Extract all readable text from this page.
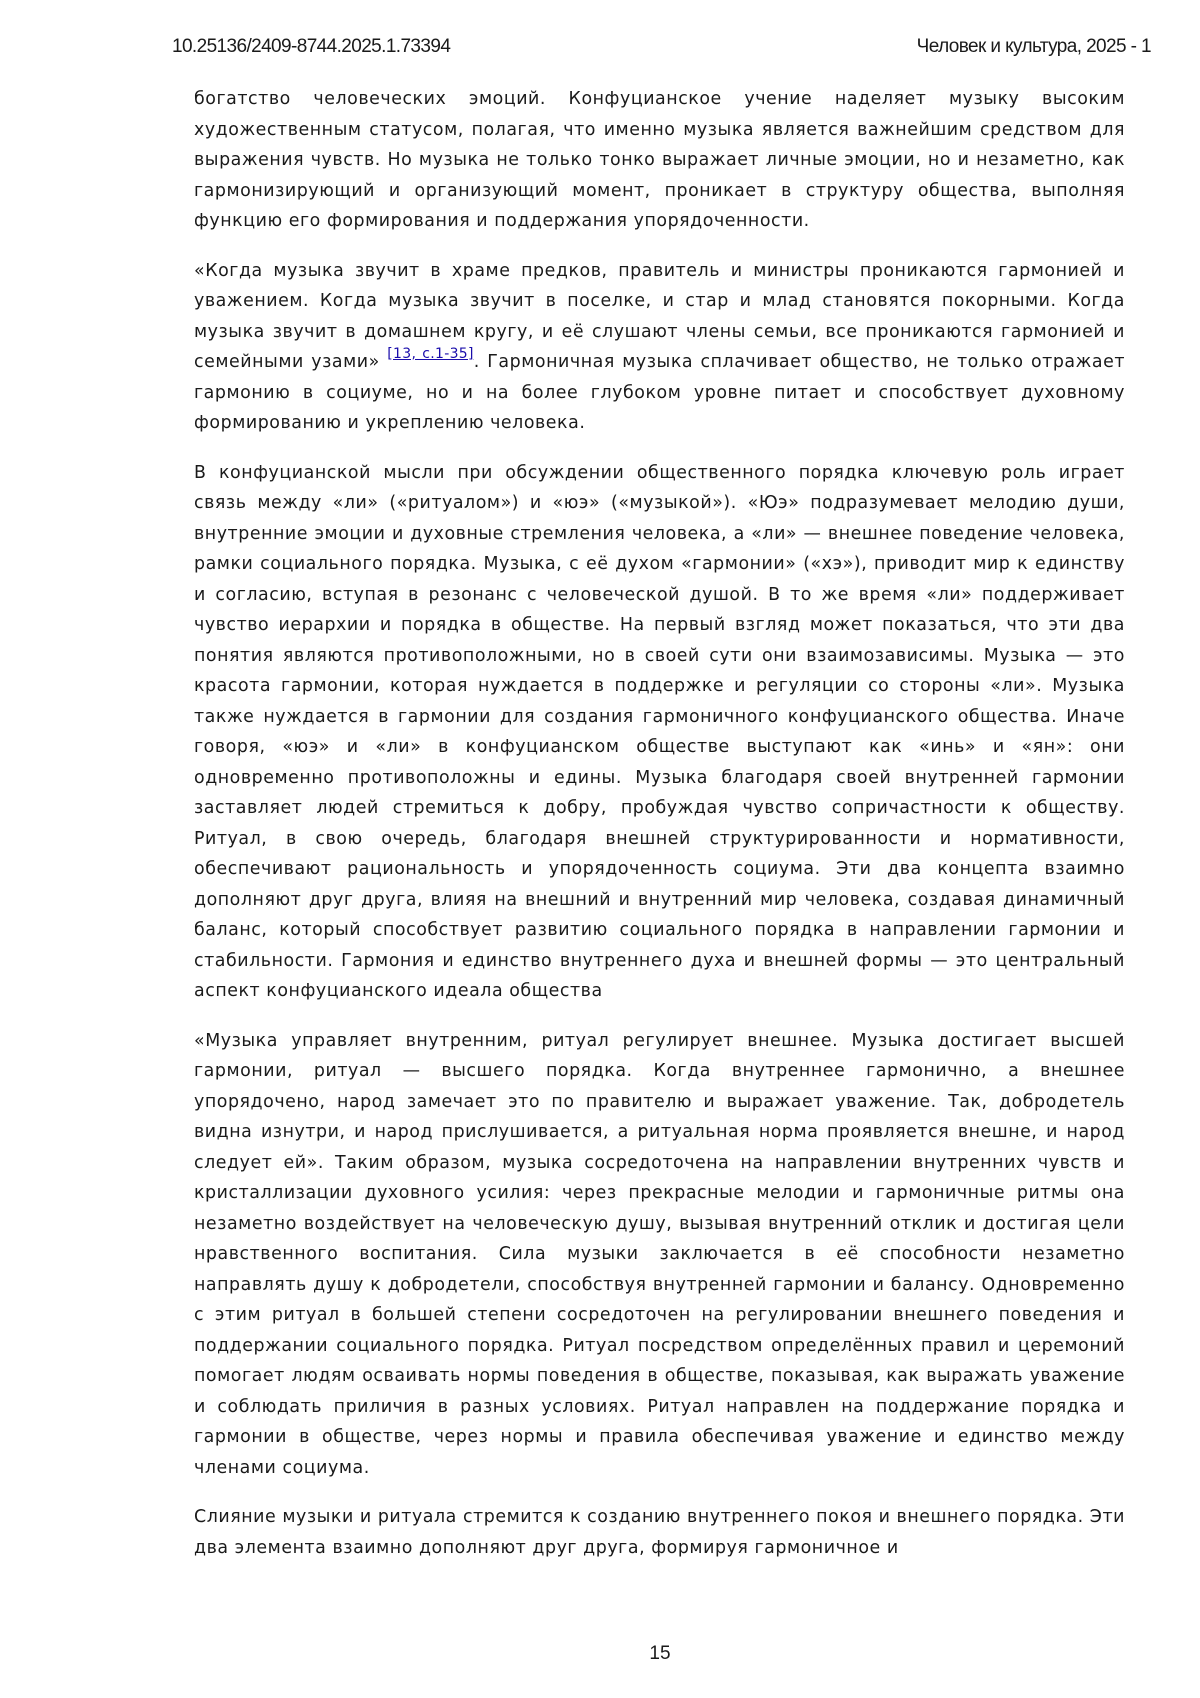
10.25136/2409-8744.2025.1.73394	Человек и культура, 2025 - 1

богатство человеческих эмоций. Конфуцианское учение наделяет музыку высоким художественным статусом, полагая, что именно музыка является важнейшим средством для выражения чувств. Но музыка не только тонко выражает личные эмоции, но и незаметно, как гармонизирующий и организующий момент, проникает в структуру общества, выполняя функцию его формирования и поддержания упорядоченности.

«Когда музыка звучит в храме предков, правитель и министры проникаются гармонией и уважением. Когда музыка звучит в поселке, и стар и млад становятся покорными. Когда музыка звучит в домашнем кругу, и её слушают члены семьи, все проникаются гармонией и семейными узами» [13, с.1-35]. Гармоничная музыка сплачивает общество, не только отражает гармонию в социуме, но и на более глубоком уровне питает и способствует духовному формированию и укреплению человека.

В конфуцианской мысли при обсуждении общественного порядка ключевую роль играет связь между «ли» («ритуалом») и «юэ» («музыкой»). «Юэ» подразумевает мелодию души, внутренние эмоции и духовные стремления человека, а «ли» — внешнее поведение человека, рамки социального порядка. Музыка, с её духом «гармонии» («хэ»), приводит мир к единству и согласию, вступая в резонанс с человеческой душой. В то же время «ли» поддерживает чувство иерархии и порядка в обществе. На первый взгляд может показаться, что эти два понятия являются противоположными, но в своей сути они взаимозависимы. Музыка — это красота гармонии, которая нуждается в поддержке и регуляции со стороны «ли». Музыка также нуждается в гармонии для создания гармоничного конфуцианского общества. Иначе говоря, «юэ» и «ли» в конфуцианском обществе выступают как «инь» и «ян»: они одновременно противоположны и едины. Музыка благодаря своей внутренней гармонии заставляет людей стремиться к добру, пробуждая чувство сопричастности к обществу. Ритуал, в свою очередь, благодаря внешней структурированности и нормативности, обеспечивают рациональность и упорядоченность социума. Эти два концепта взаимно дополняют друг друга, влияя на внешний и внутренний мир человека, создавая динамичный баланс, который способствует развитию социального порядка в направлении гармонии и стабильности. Гармония и единство внутреннего духа и внешней формы — это центральный аспект конфуцианского идеала общества

«Музыка управляет внутренним, ритуал регулирует внешнее. Музыка достигает высшей гармонии, ритуал — высшего порядка. Когда внутреннее гармонично, а внешнее упорядочено, народ замечает это по правителю и выражает уважение. Так, добродетель видна изнутри, и народ прислушивается, а ритуальная норма проявляется внешне, и народ следует ей». Таким образом, музыка сосредоточена на направлении внутренних чувств и кристаллизации духовного усилия: через прекрасные мелодии и гармоничные ритмы она незаметно воздействует на человеческую душу, вызывая внутренний отклик и достигая цели нравственного воспитания. Сила музыки заключается в её способности незаметно направлять душу к добродетели, способствуя внутренней гармонии и балансу. Одновременно с этим ритуал в большей степени сосредоточен на регулировании внешнего поведения и поддержании социального порядка. Ритуал посредством определённых правил и церемоний помогает людям осваивать нормы поведения в обществе, показывая, как выражать уважение и соблюдать приличия в разных условиях. Ритуал направлен на поддержание порядка и гармонии в обществе, через нормы и правила обеспечивая уважение и единство между членами социума.

Слияние музыки и ритуала стремится к созданию внутреннего покоя и внешнего порядка. Эти два элемента взаимно дополняют друг друга, формируя гармоничное и

15
